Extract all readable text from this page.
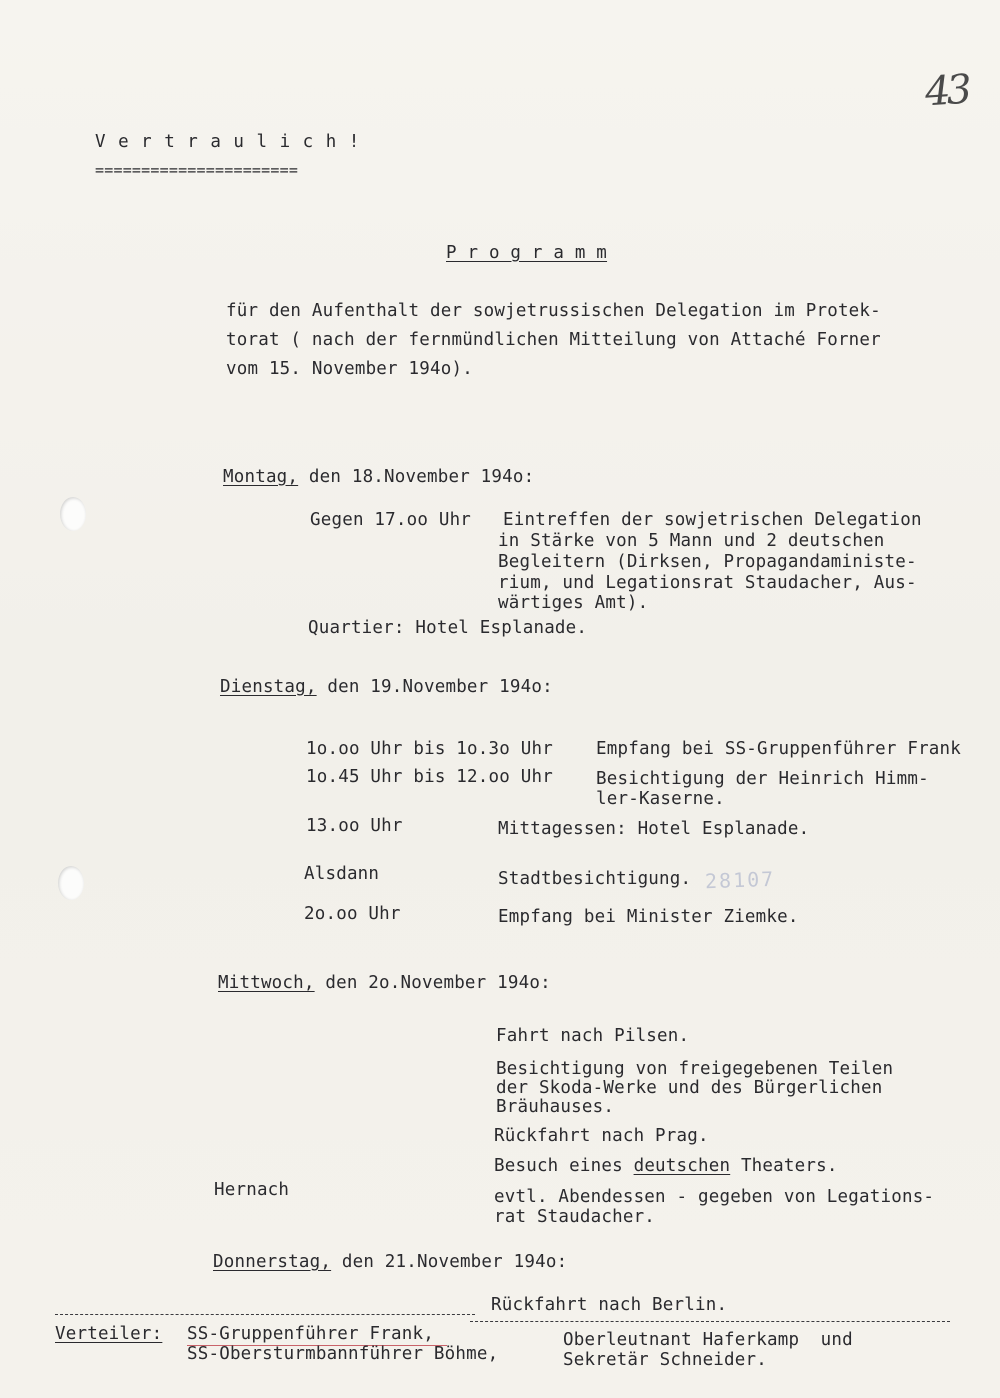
43
28107
V e r t r a u l i c h !
======================
P r o g r a m m
für den Aufenthalt der sowjetrussischen Delegation im Protek-
torat ( nach der fernmündlichen Mitteilung von Attaché Forner
vom 15. November 194o).
Montag, den 18.November 194o:
Gegen 17.oo Uhr Eintreffen der sowjetrischen Delegation
in Stärke von 5 Mann und 2 deutschen
Begleitern (Dirksen, Propagandaministe-
rium, und Legationsrat Staudacher, Aus-
wärtiges Amt).
Quartier: Hotel Esplanade.
Dienstag, den 19.November 194o:
1o.oo Uhr bis 1o.3o Uhr Empfang bei SS-Gruppenführer Frank
1o.45 Uhr bis 12.oo Uhr Besichtigung der Heinrich Himm-
ler-Kaserne.
13.oo Uhr	Mittagessen: Hotel Esplanade.
Alsdann	Stadtbesichtigung.
2o.oo Uhr	Empfang bei Minister Ziemke.
Mittwoch, den 2o.November 194o:
Fahrt nach Pilsen.
Besichtigung von freigegebenen Teilen
der Skoda-Werke und des Bürgerlichen
Bräuhauses.
Rückfahrt nach Prag.
Besuch eines deutschen Theaters.
Hernach	evtl. Abendessen - gegeben von Legations-
rat Staudacher.
Donnerstag, den 21.November 194o:
Rückfahrt nach Berlin.
Verteiler: SS-Gruppenführer Frank,
SS-Obersturmbannführer Böhme,
Oberleutnant Haferkamp  und
Sekretär Schneider.
